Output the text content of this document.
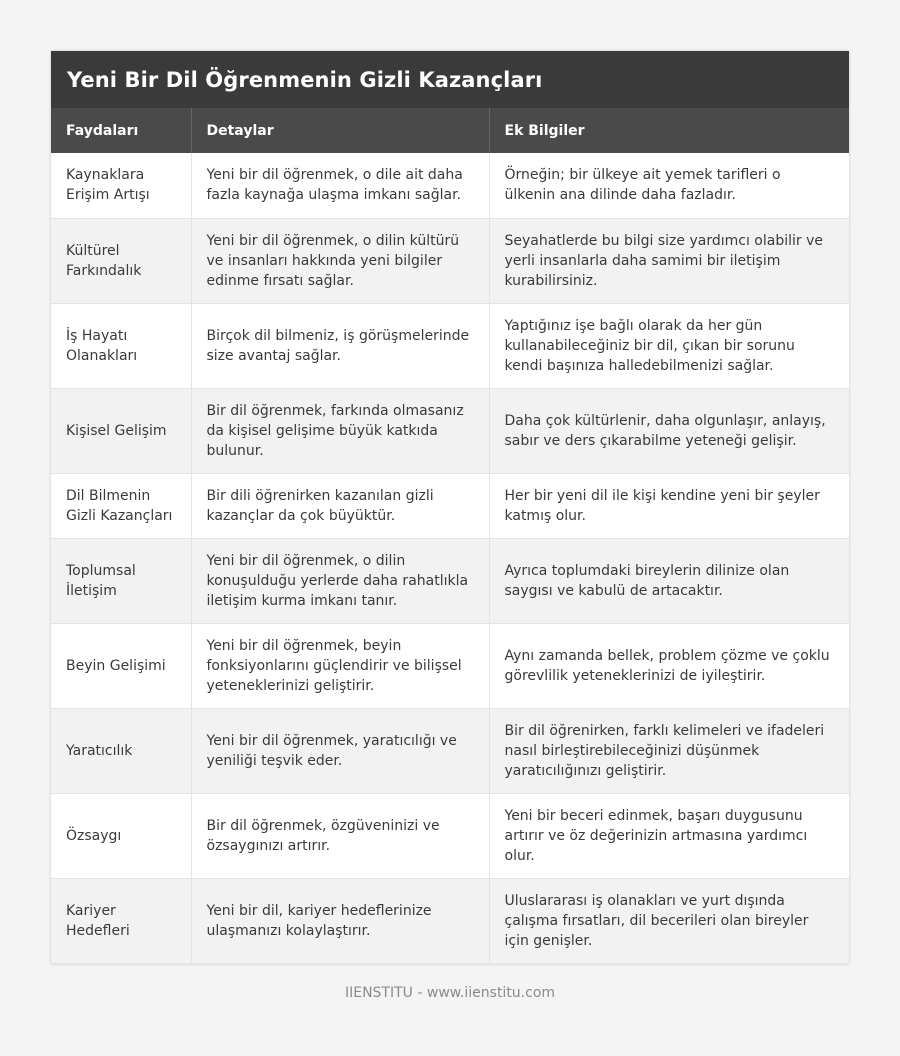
Yeni Bir Dil Öğrenmenin Gizli Kazançları
Faydaları	Detaylar	Ek Bilgiler
Kaynaklara Erişim Artışı	Yeni bir dil öğrenmek, o dile ait daha fazla kaynağa ulaşma imkanı sağlar.	Örneğin; bir ülkeye ait yemek tarifleri o ülkenin ana dilinde daha fazladır.
Kültürel Farkındalık	Yeni bir dil öğrenmek, o dilin kültürü ve insanları hakkında yeni bilgiler edinme fırsatı sağlar.	Seyahatlerde bu bilgi size yardımcı olabilir ve yerli insanlarla daha samimi bir iletişim kurabilirsiniz.
İş Hayatı Olanakları	Birçok dil bilmeniz, iş görüşmelerinde size avantaj sağlar.	Yaptığınız işe bağlı olarak da her gün kullanabileceğiniz bir dil, çıkan bir sorunu kendi başınıza halledebilmenizi sağlar.
Kişisel Gelişim	Bir dil öğrenmek, farkında olmasanız da kişisel gelişime büyük katkıda bulunur.	Daha çok kültürlenir, daha olgunlaşır, anlayış, sabır ve ders çıkarabilme yeteneği gelişir.
Dil Bilmenin Gizli Kazançları	Bir dili öğrenirken kazanılan gizli kazançlar da çok büyüktür.	Her bir yeni dil ile kişi kendine yeni bir şeyler katmış olur.
Toplumsal İletişim	Yeni bir dil öğrenmek, o dilin konuşulduğu yerlerde daha rahatlıkla iletişim kurma imkanı tanır.	Ayrıca toplumdaki bireylerin dilinize olan saygısı ve kabulü de artacaktır.
Beyin Gelişimi	Yeni bir dil öğrenmek, beyin fonksiyonlarını güçlendirir ve bilişsel yeteneklerinizi geliştirir.	Aynı zamanda bellek, problem çözme ve çoklu görevlilik yeteneklerinizi de iyileştirir.
Yaratıcılık	Yeni bir dil öğrenmek, yaratıcılığı ve yeniliği teşvik eder.	Bir dil öğrenirken, farklı kelimeleri ve ifadeleri nasıl birleştirebileceğinizi düşünmek yaratıcılığınızı geliştirir.
Özsaygı	Bir dil öğrenmek, özgüveninizi ve özsaygınızı artırır.	Yeni bir beceri edinmek, başarı duygusunu artırır ve öz değerinizin artmasına yardımcı olur.
Kariyer Hedefleri	Yeni bir dil, kariyer hedeflerinize ulaşmanızı kolaylaştırır.	Uluslararası iş olanakları ve yurt dışında çalışma fırsatları, dil becerileri olan bireyler için genişler.
IIENSTITU - www.iienstitu.com
